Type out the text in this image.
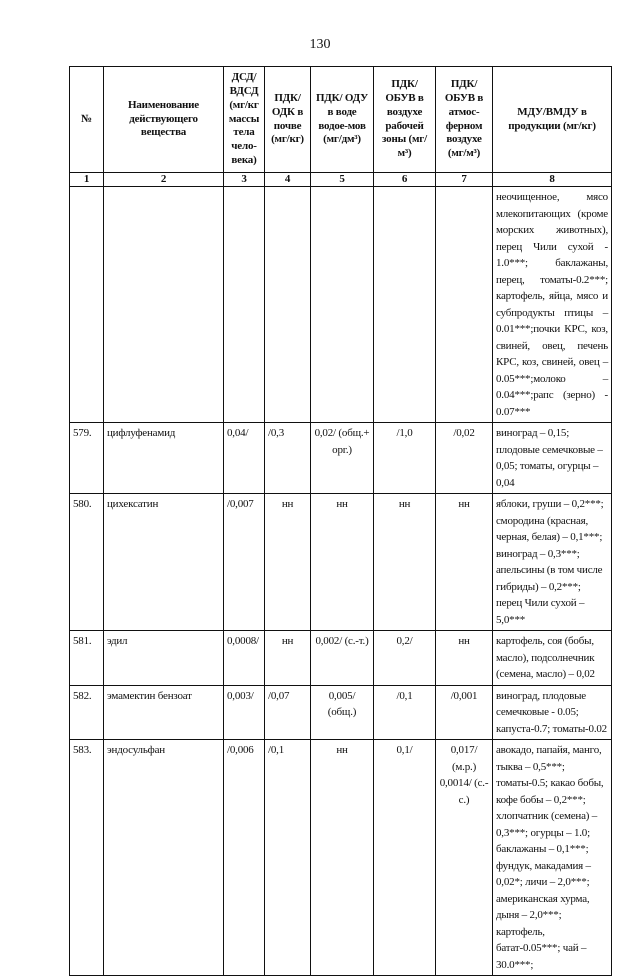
130
№	Наименование действующего вещества	ДСД/ ВДСД (мг/кг массы тела чело-века)	ПДК/ ОДК в почве (мг/кг)	ПДК/ ОДУ в воде водое-мов (мг/дм³)	ПДК/ ОБУВ в воздухе рабочей зоны (мг/м³)	ПДК/ ОБУВ в атмос-ферном воздухе (мг/м³)	МДУ/ВМДУ в продукции (мг/кг)
1	2	3	4	5	6	7	8
							неочищенное, мясо млекопитающих (кроме морских животных), перец Чили сухой - 1.0***; баклажаны, перец, томаты-0.2***; картофель, яйца, мясо и субпродукты птицы – 0.01***;почки КРС, коз, свиней, овец, печень КРС, коз, свиней, овец – 0.05***;молоко – 0.04***;рапс (зерно) - 0.07***
579.	цифлуфенамид	0,04/	/0,3	0,02/ (общ.+ орг.)	/1,0	/0,02	виноград – 0,15; плодовые семечковые – 0,05; томаты, огурцы – 0,04
580.	цихексатин	/0,007	нн	нн	нн	нн	яблоки, груши – 0,2***; смородина (красная, черная, белая) – 0,1***; виноград – 0,3***; апельсины (в том числе гибриды) – 0,2***; перец Чили сухой – 5,0***
581.	эдил	0,0008/	нн	0,002/ (с.-т.)	0,2/	нн	картофель, соя (бобы, масло), подсолнечник (семена, масло) – 0,02
582.	эмамектин бензоат	0,003/	/0,07	0,005/ (общ.)	/0,1	/0,001	виноград, плодовые семечковые - 0.05; капуста-0.7; томаты-0.02
583.	эндосульфан	/0,006	/0,1	нн	0,1/	0,017/ (м.р.) 0,0014/ (с.-с.)	авокадо, папайя, манго, тыква – 0,5***; томаты-0.5; какао бобы, кофе бобы – 0,2***; хлопчатник (семена) – 0,3***; огурцы – 1.0; баклажаны – 0,1***; фундук, макадамия – 0,02*; личи – 2,0***; американская хурма, дыня – 2,0***; картофель, батат-0.05***; чай – 30.0***;
